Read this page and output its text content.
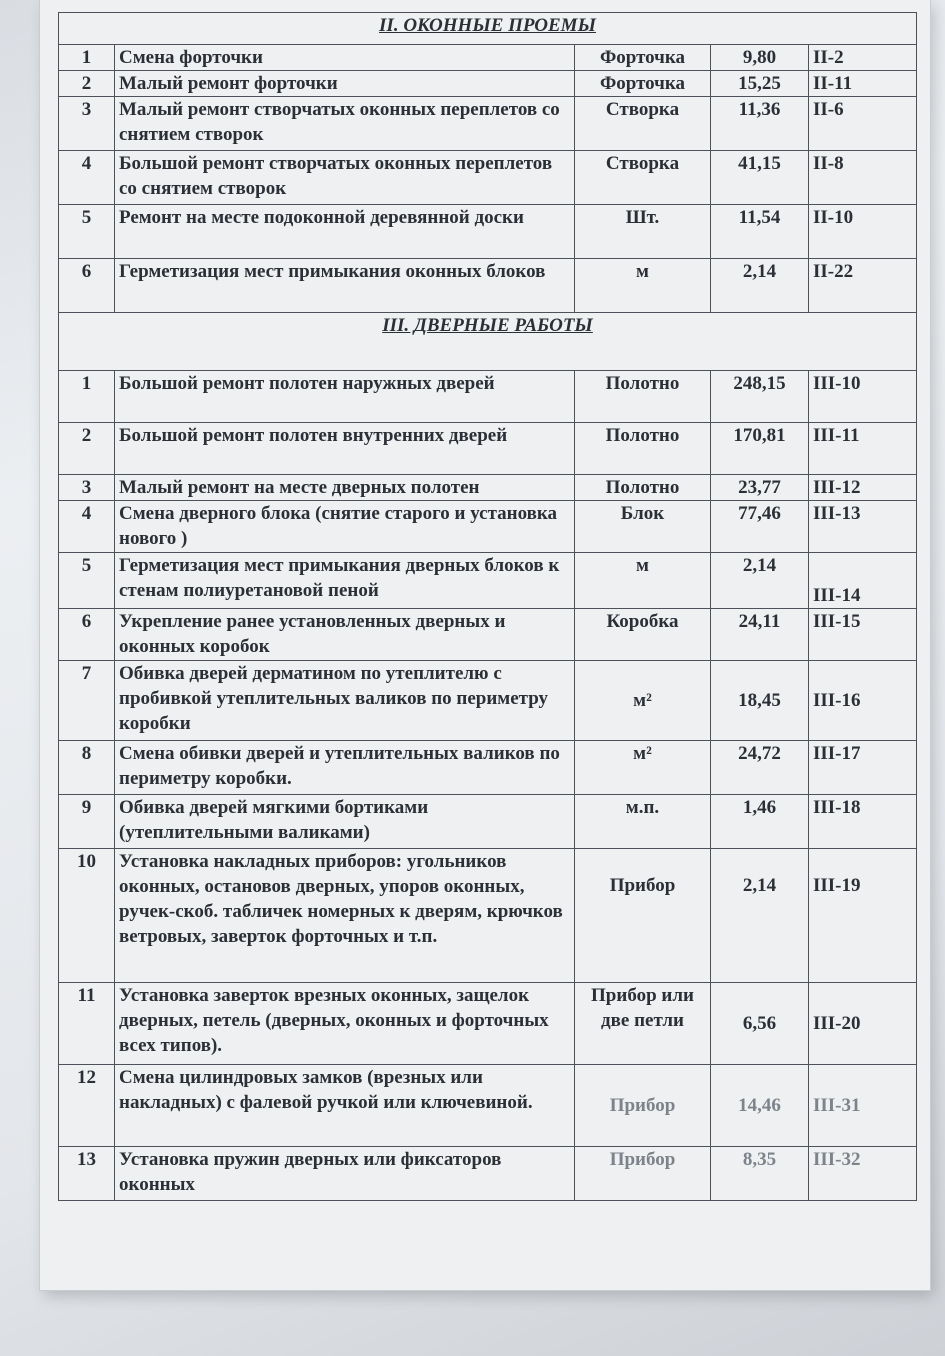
II. ОКОННЫЕ ПРОЕМЫ				
1	Смена форточки	Форточка	9,80	II-2
2	Малый ремонт форточки	Форточка	15,25	II-11
3	Малый ремонт створчатых оконных переплетов со снятием створок	Створка	11,36	II-6
4	Большой ремонт створчатых оконных переплетов со снятием створок	Створка	41,15	II-8
5	Ремонт на месте подоконной деревянной доски	Шт.	11,54	II-10
6	Герметизация мест примыкания оконных блоков	м	2,14	II-22
III. ДВЕРНЫЕ РАБОТЫ				
1	Большой ремонт полотен наружных дверей	Полотно	248,15	III-10
2	Большой ремонт полотен внутренних дверей	Полотно	170,81	III-11
3	Малый ремонт на месте дверных полотен	Полотно	23,77	III-12
4	Смена дверного блока (снятие старого и установка нового )	Блок	77,46	III-13
5	Герметизация мест примыкания дверных блоков к стенам полиуретановой пеной	м	2,14	III-14
6	Укрепление ранее установленных дверных и оконных коробок	Коробка	24,11	III-15
7	Обивка дверей дерматином по утеплителю с пробивкой утеплительных валиков по периметру коробки	м²	18,45	III-16
8	Смена обивки дверей и утеплительных валиков по периметру коробки.	м²	24,72	III-17
9	Обивка дверей мягкими бортиками (утеплительными валиками)	м.п.	1,46	III-18
10	Установка накладных приборов: угольников оконных, остановов дверных, упоров оконных, ручек-скоб. табличек номерных к дверям, крючков ветровых, заверток форточных и т.п.	Прибор	2,14	III-19
11	Установка заверток врезных оконных, защелок дверных, петель (дверных, оконных и форточных всех типов).	Прибор или две петли	6,56	III-20
12	Смена цилиндровых замков (врезных или накладных) с фалевой ручкой или ключевиной.	Прибор	14,46	III-31
13	Установка пружин дверных или фиксаторов оконных	Прибор	8,35	III-32
